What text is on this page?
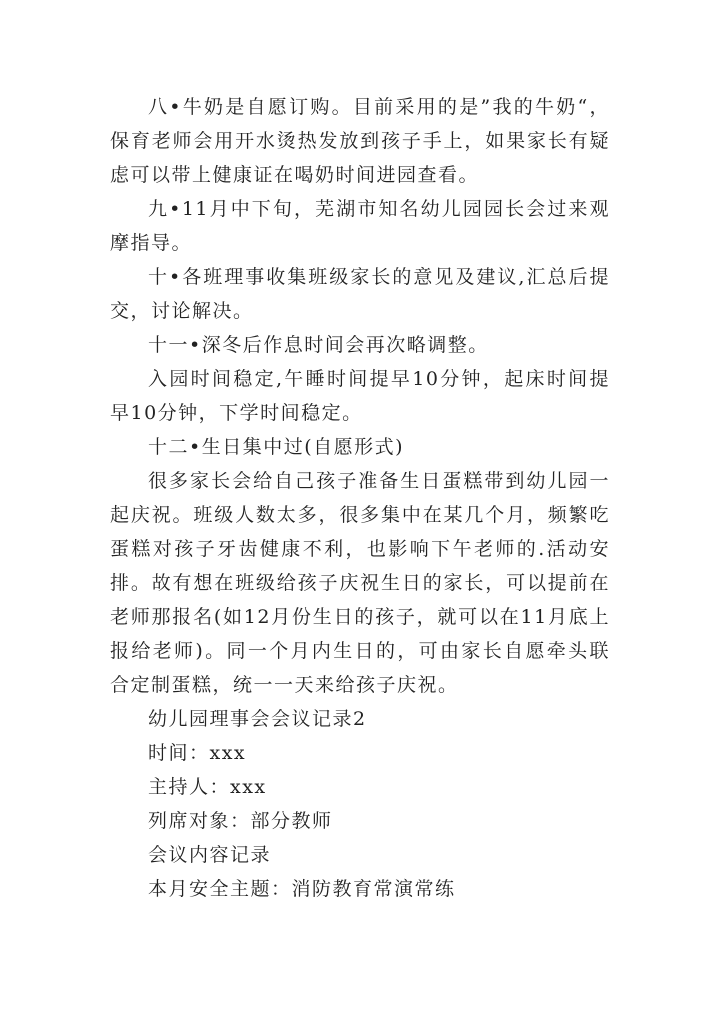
八•牛奶是自愿订购。目前采用的是”我的牛奶“，保育老师会用开水烫热发放到孩子手上，如果家长有疑虑可以带上健康证在喝奶时间进园查看。

九•11月中下旬，芜湖市知名幼儿园园长会过来观摩指导。

十•各班理事收集班级家长的意见及建议,汇总后提交，讨论解决。

十一•深冬后作息时间会再次略调整。

入园时间稳定,午睡时间提早10分钟，起床时间提早10分钟，下学时间稳定。

十二•生日集中过(自愿形式)

很多家长会给自己孩子准备生日蛋糕带到幼儿园一起庆祝。班级人数太多，很多集中在某几个月，频繁吃蛋糕对孩子牙齿健康不利，也影响下午老师的.活动安排。故有想在班级给孩子庆祝生日的家长，可以提前在老师那报名(如12月份生日的孩子，就可以在11月底上报给老师)。同一个月内生日的，可由家长自愿牵头联合定制蛋糕，统一一天来给孩子庆祝。

幼儿园理事会会议记录2

时间：xxx

主持人：xxx

列席对象：部分教师

会议内容记录

本月安全主题：消防教育常演常练
